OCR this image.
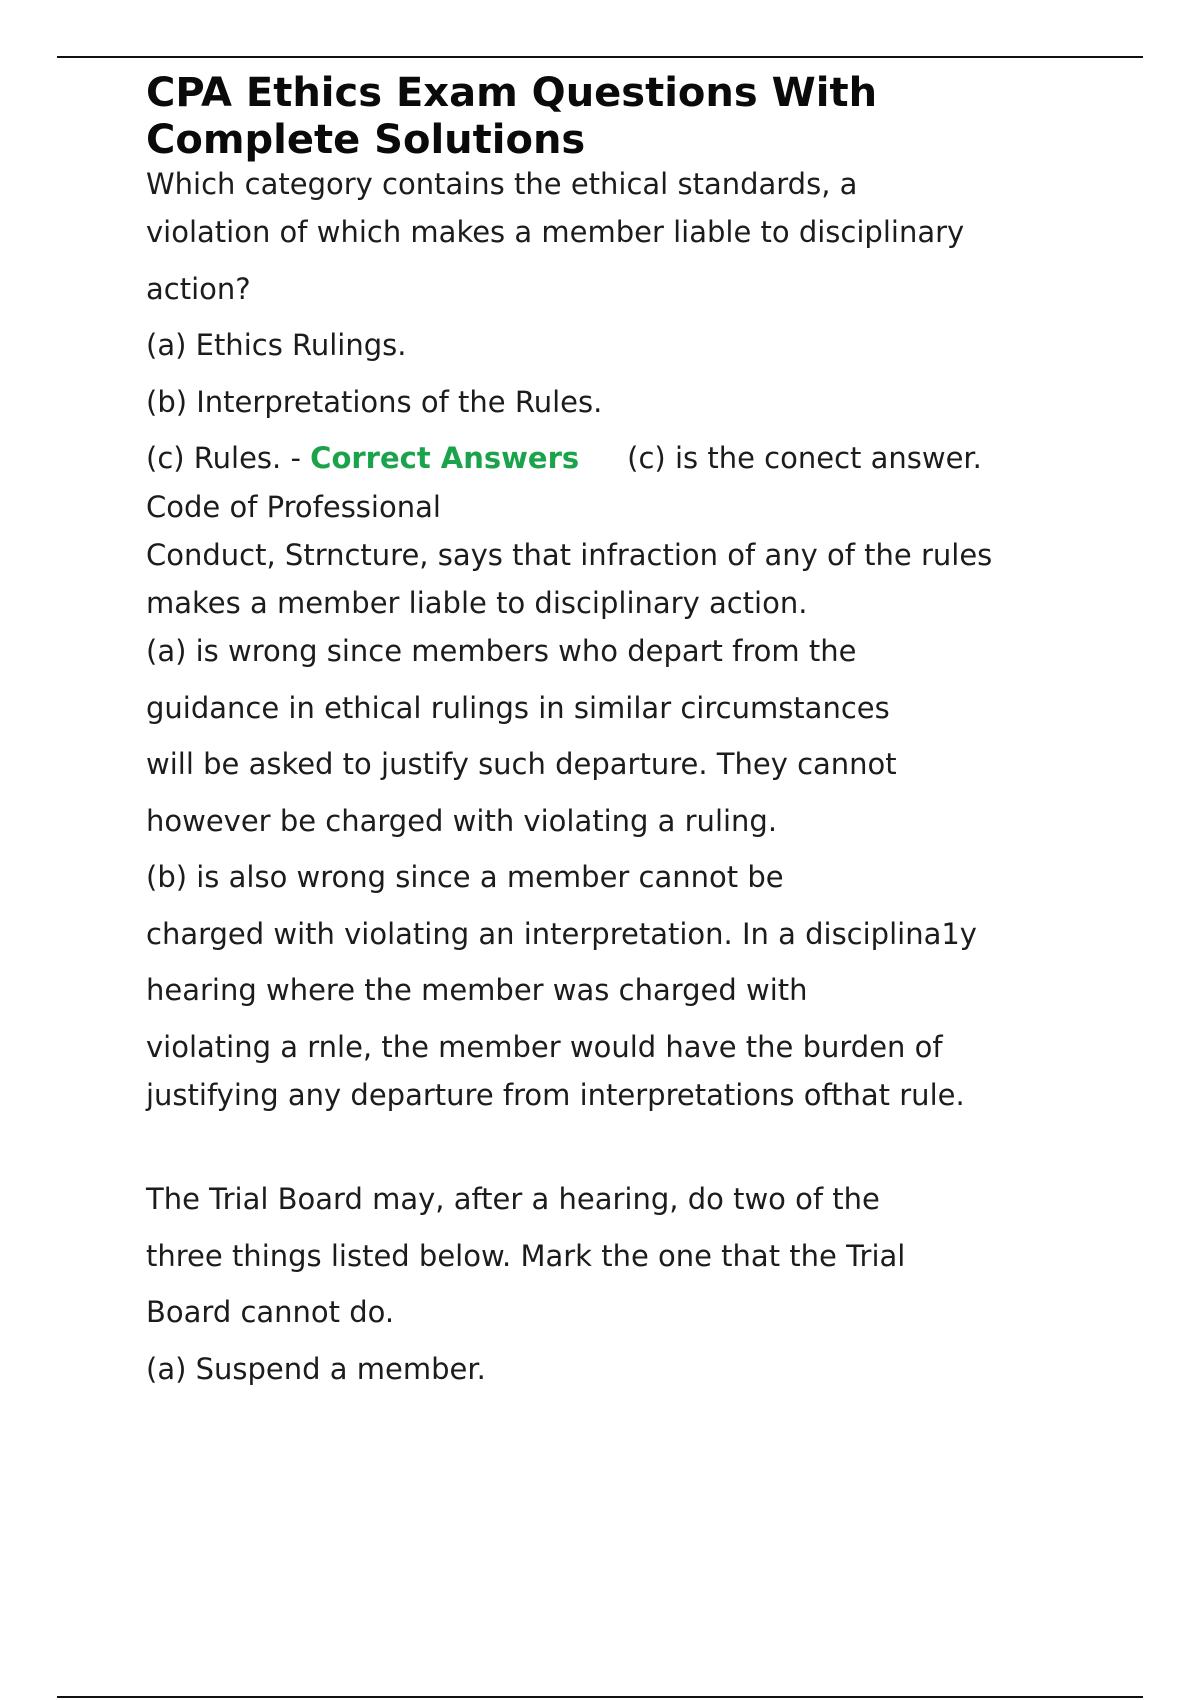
CPA Ethics Exam Questions With
Complete Solutions
Which category contains the ethical standards, a
violation of which makes a member liable to disciplinary
action?
(a) Ethics Rulings.
(b) Interpretations of the Rules.
(c) Rules. - Correct Answers (c) is the conect answer.
Code of Professional
Conduct, Strncture, says that infraction of any of the rules
makes a member liable to disciplinary action.
(a) is wrong since members who depart from the
guidance in ethical rulings in similar circumstances
will be asked to justify such departure. They cannot
however be charged with violating a ruling.
(b) is also wrong since a member cannot be
charged with violating an interpretation. In a disciplina1y
hearing where the member was charged with
violating a rnle, the member would have the burden of
justifying any departure from interpretations ofthat rule.
The Trial Board may, after a hearing, do two of the
three things listed below. Mark the one that the Trial
Board cannot do.
(a) Suspend a member.
